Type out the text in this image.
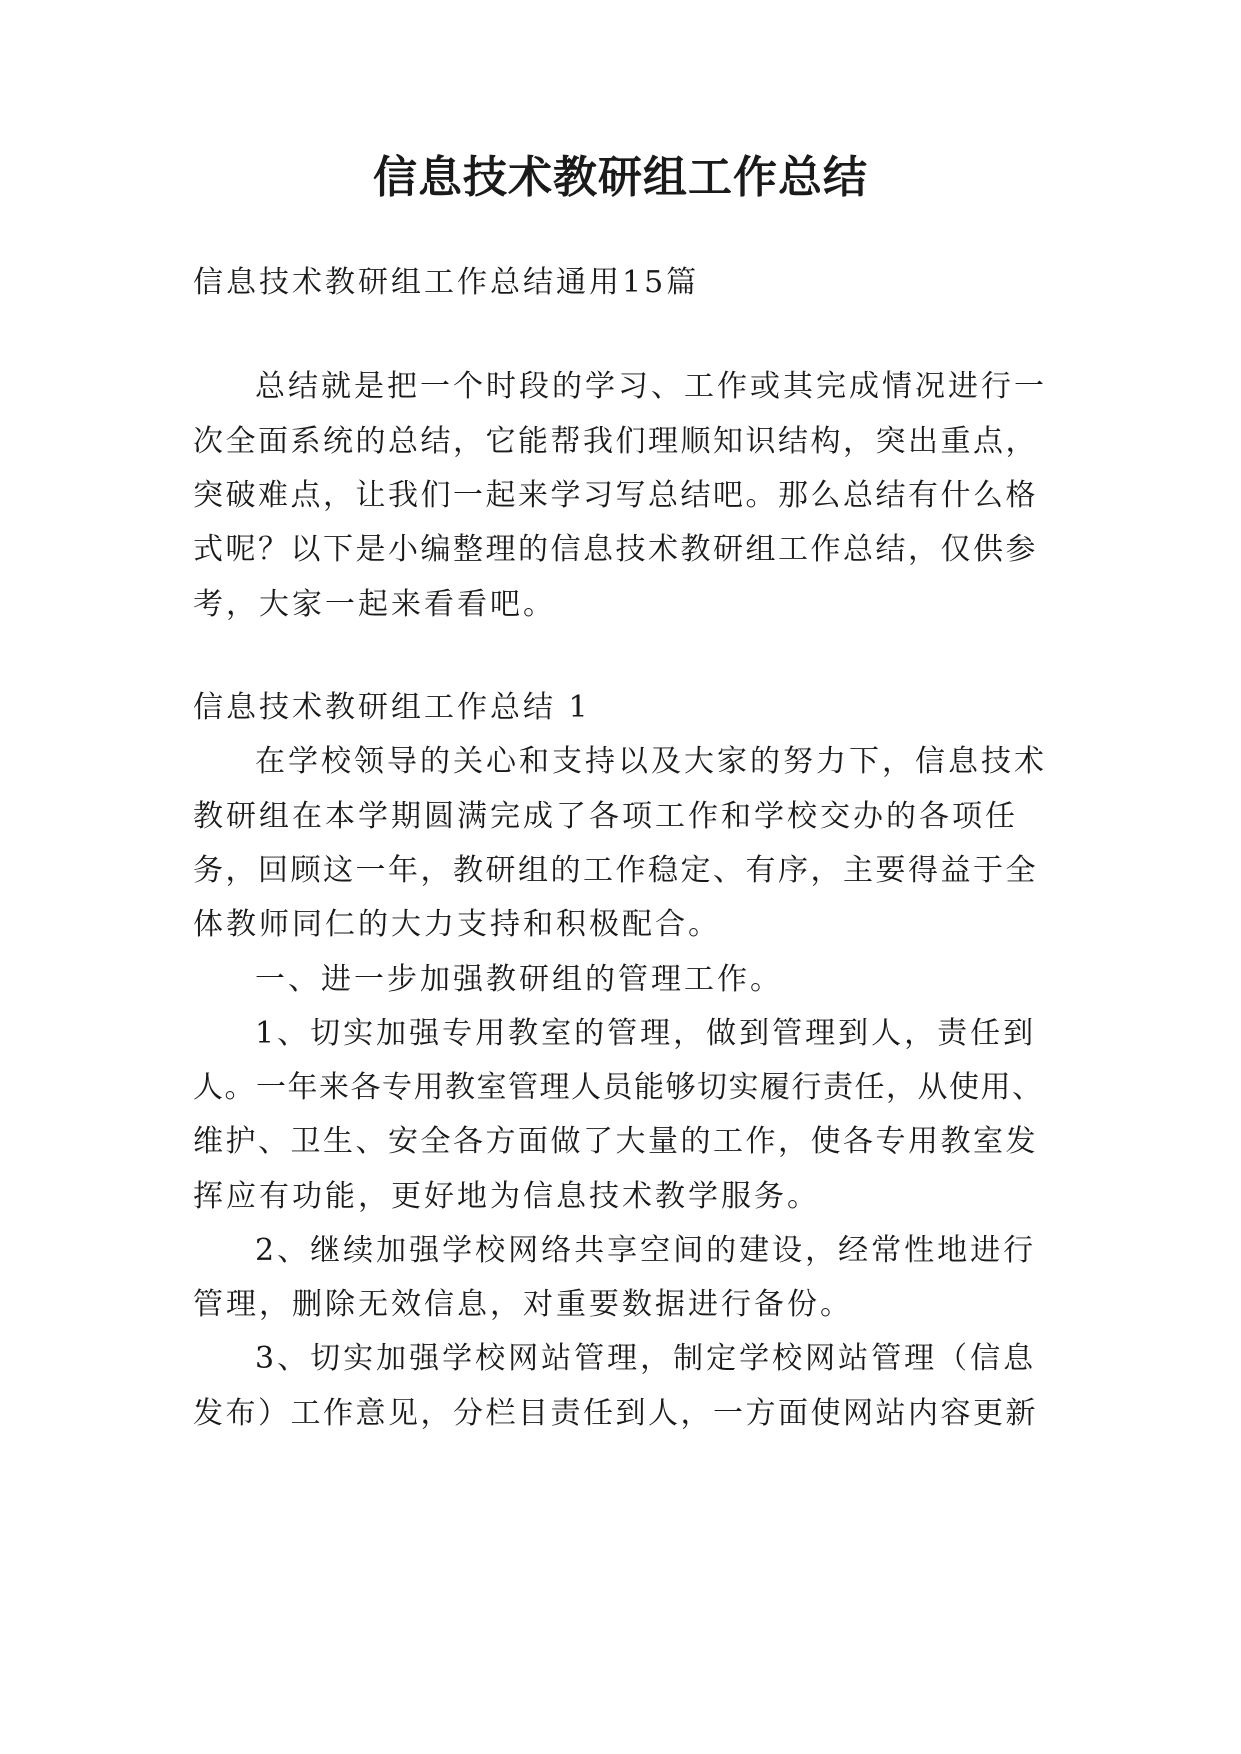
信息技术教研组工作总结
信息技术教研组工作总结通用15篇
总结就是把一个时段的学习、工作或其完成情况进行一
次全面系统的总结，它能帮我们理顺知识结构，突出重点，
突破难点，让我们一起来学习写总结吧。那么总结有什么格
式呢？以下是小编整理的信息技术教研组工作总结，仅供参
考，大家一起来看看吧。
信息技术教研组工作总结 1
在学校领导的关心和支持以及大家的努力下，信息技术
教研组在本学期圆满完成了各项工作和学校交办的各项任
务，回顾这一年，教研组的工作稳定、有序，主要得益于全
体教师同仁的大力支持和积极配合。
一、进一步加强教研组的管理工作。
1、切实加强专用教室的管理，做到管理到人，责任到
人。一年来各专用教室管理人员能够切实履行责任，从使用、
维护、卫生、安全各方面做了大量的工作，使各专用教室发
挥应有功能，更好地为信息技术教学服务。
2、继续加强学校网络共享空间的建设，经常性地进行
管理，删除无效信息，对重要数据进行备份。
3、切实加强学校网站管理，制定学校网站管理（信息
发布）工作意见，分栏目责任到人，一方面使网站内容更新
